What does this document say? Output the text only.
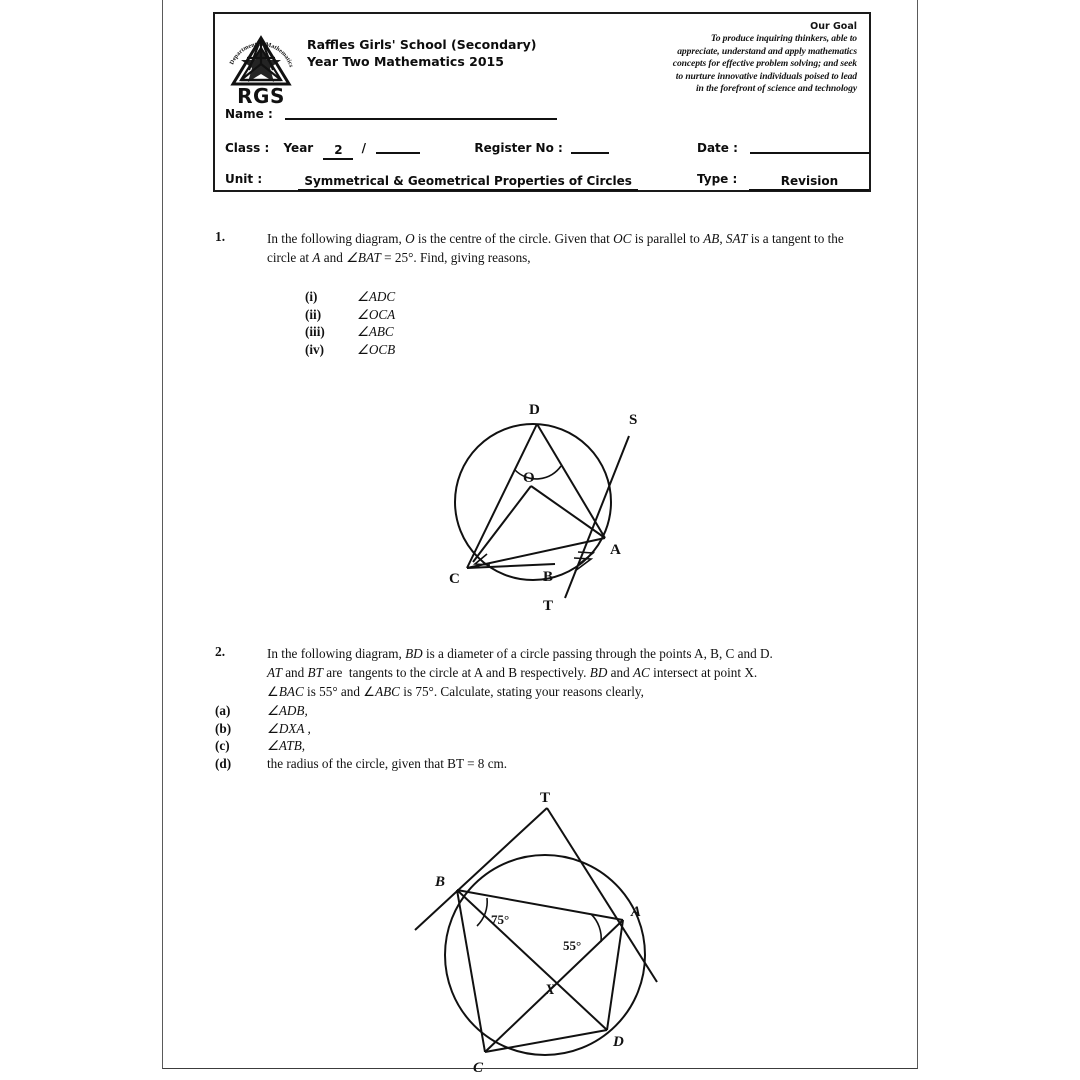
Department of Mathematics
RGS
Raffles Girls' School (Secondary)
Year Two Mathematics 2015
Our Goal
To produce inquiring thinkers, able to
appreciate, understand and apply mathematics
concepts for effective problem solving; and seek
to nurture innovative individuals poised to lead
in the forefront of science and technology
Name :
Class : Year 2 /	Register No :	Date :
Unit :	Symmetrical & Geometrical Properties of Circles	Type :	Revision
1.	In the following diagram, O is the centre of the circle. Given that OC is parallel to AB, SAT is a tangent to the circle at A and ∠BAT = 25°. Find, giving reasons,
(i)	∠ADC
(ii)	∠OCA
(iii) ∠ABC
(iv) ∠OCB
D
O
S
C	B
A
T
2.	In the following diagram, BD is a diameter of a circle passing through the points A, B, C and D.
AT and BT are  tangents to the circle at A and B respectively. BD and AC intersect at point X.
∠BAC is 55° and ∠ABC is 75°. Calculate, stating your reasons clearly,
(a)	∠ADB,
(b)	∠DXA ,
(c)	∠ATB,
(d)	the radius of the circle, given that BT = 8 cm.
T
B
A
X
C
D
75°
55°
